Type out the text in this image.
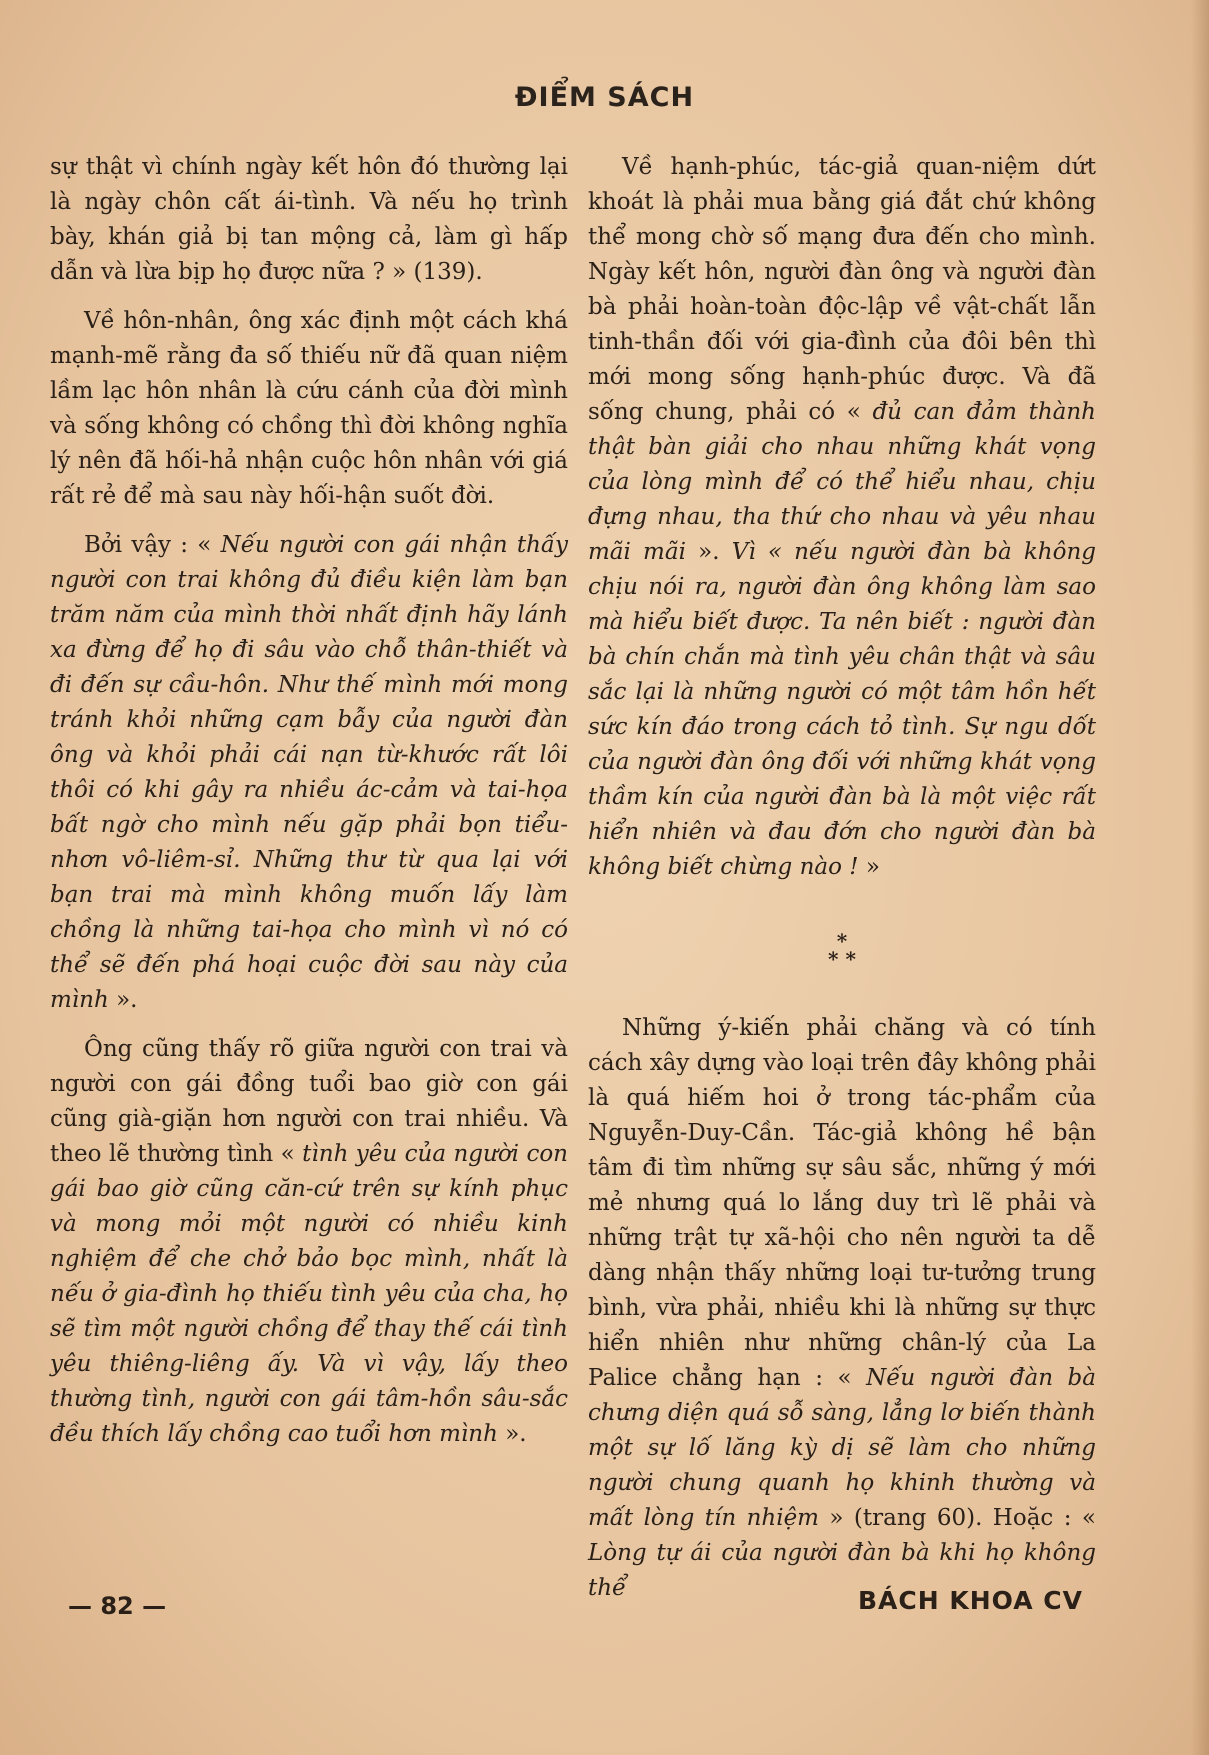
ĐIỂM SÁCH

sự thật vì chính ngày kết hôn đó thường lại là ngày chôn cất ái-tình. Và nếu họ trình bày, khán giả bị tan mộng cả, làm gì hấp dẫn và lừa bịp họ được nữa ? » (139).

Về hôn-nhân, ông xác định một cách khá mạnh-mẽ rằng đa số thiếu nữ đã quan niệm lầm lạc hôn nhân là cứu cánh của đời mình và sống không có chồng thì đời không nghĩa lý nên đã hối-hả nhận cuộc hôn nhân với giá rất rẻ để mà sau này hối-hận suốt đời.

Bởi vậy : « Nếu người con gái nhận thấy người con trai không đủ điều kiện làm bạn trăm năm của mình thời nhất định hãy lánh xa đừng để họ đi sâu vào chỗ thân-thiết và đi đến sự cầu-hôn. Như thế mình mới mong tránh khỏi những cạm bẫy của người đàn ông và khỏi phải cái nạn từ-khước rất lôi thôi có khi gây ra nhiều ác-cảm và tai-họa bất ngờ cho mình nếu gặp phải bọn tiểu-nhơn vô-liêm-sỉ. Những thư từ qua lại với bạn trai mà mình không muốn lấy làm chồng là những tai-họa cho mình vì nó có thể sẽ đến phá hoại cuộc đời sau này của mình ».

Ông cũng thấy rõ giữa người con trai và người con gái đồng tuổi bao giờ con gái cũng già-giặn hơn người con trai nhiều. Và theo lẽ thường tình « tình yêu của người con gái bao giờ cũng căn-cứ trên sự kính phục và mong mỏi một người có nhiều kinh nghiệm để che chở bảo bọc mình, nhất là nếu ở gia-đình họ thiếu tình yêu của cha, họ sẽ tìm một người chồng để thay thế cái tình yêu thiêng-liêng ấy. Và vì vậy, lấy theo thường tình, người con gái tâm-hồn sâu-sắc đều thích lấy chồng cao tuổi hơn mình ».

Về hạnh-phúc, tác-giả quan-niệm dứt khoát là phải mua bằng giá đắt chứ không thể mong chờ số mạng đưa đến cho mình. Ngày kết hôn, người đàn ông và người đàn bà phải hoàn-toàn độc-lập về vật-chất lẫn tinh-thần đối với gia-đình của đôi bên thì mới mong sống hạnh-phúc được. Và đã sống chung, phải có « đủ can đảm thành thật bàn giải cho nhau những khát vọng của lòng mình để có thể hiểu nhau, chịu đựng nhau, tha thứ cho nhau và yêu nhau mãi mãi ». Vì « nếu người đàn bà không chịu nói ra, người đàn ông không làm sao mà hiểu biết được. Ta nên biết : người đàn bà chín chắn mà tình yêu chân thật và sâu sắc lại là những người có một tâm hồn hết sức kín đáo trong cách tỏ tình. Sự ngu dốt của người đàn ông đối với những khát vọng thầm kín của người đàn bà là một việc rất hiển nhiên và đau đớn cho người đàn bà không biết chừng nào ! »

*
* *

Những ý-kiến phải chăng và có tính cách xây dựng vào loại trên đây không phải là quá hiếm hoi ở trong tác-phẩm của Nguyễn-Duy-Cần. Tác-giả không hề bận tâm đi tìm những sự sâu sắc, những ý mới mẻ nhưng quá lo lắng duy trì lẽ phải và những trật tự xã-hội cho nên người ta dễ dàng nhận thấy những loại tư-tưởng trung bình, vừa phải, nhiều khi là những sự thực hiển nhiên như những chân-lý của La Palice chẳng hạn : « Nếu người đàn bà chưng diện quá sỗ sàng, lẳng lơ biến thành một sự lố lăng kỳ dị sẽ làm cho những người chung quanh họ khinh thường và mất lòng tín nhiệm » (trang 60). Hoặc : « Lòng tự ái của người đàn bà khi họ không thể

— 82 —	BÁCH KHOA CV
